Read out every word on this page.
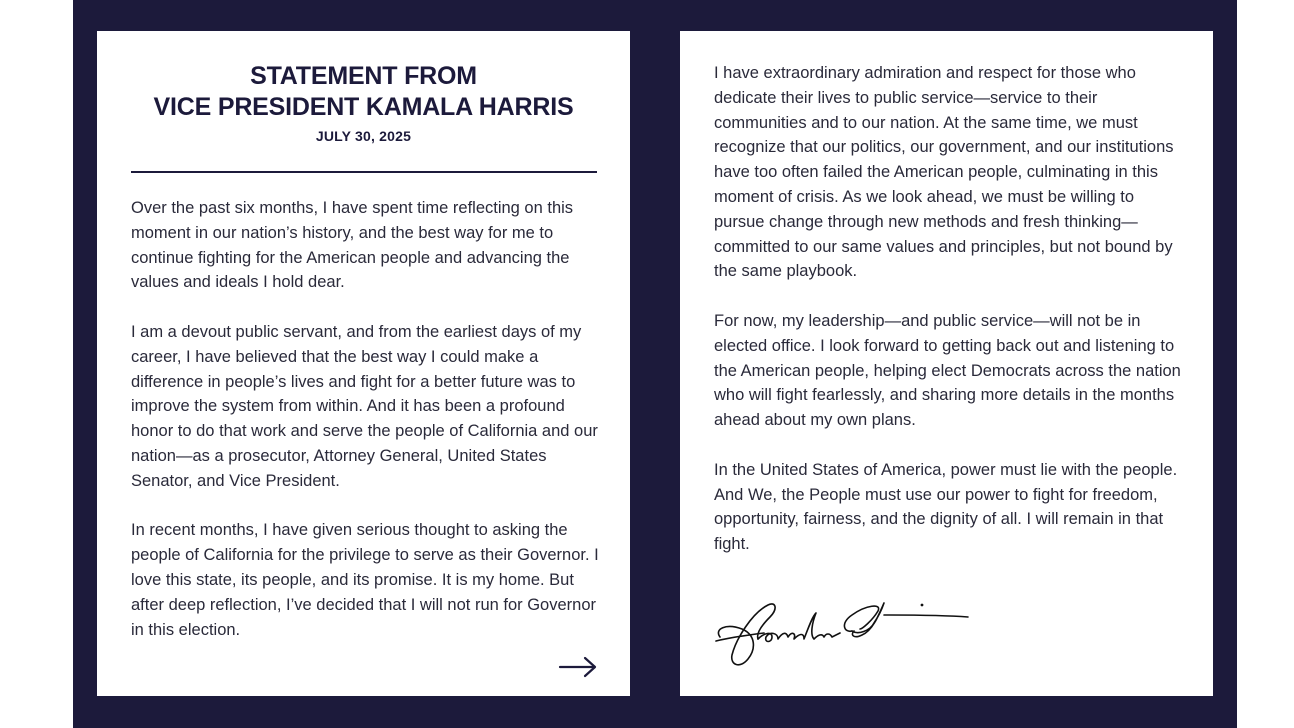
STATEMENT FROM
VICE PRESIDENT KAMALA HARRIS
JULY 30, 2025

Over the past six months, I have spent time reflecting on this moment in our nation’s history, and the best way for me to continue fighting for the American people and advancing the values and ideals I hold dear.

I am a devout public servant, and from the earliest days of my career, I have believed that the best way I could make a difference in people’s lives and fight for a better future was to improve the system from within. And it has been a profound honor to do that work and serve the people of California and our nation—as a prosecutor, Attorney General, United States Senator, and Vice President.

In recent months, I have given serious thought to asking the people of California for the privilege to serve as their Governor. I love this state, its people, and its promise. It is my home. But after deep reflection, I’ve decided that I will not run for Governor in this election.

I have extraordinary admiration and respect for those who dedicate their lives to public service—service to their communities and to our nation. At the same time, we must recognize that our politics, our government, and our institutions have too often failed the American people, culminating in this moment of crisis. As we look ahead, we must be willing to pursue change through new methods and fresh thinking—committed to our same values and principles, but not bound by the same playbook.

For now, my leadership—and public service—will not be in elected office. I look forward to getting back out and listening to the American people, helping elect Democrats across the nation who will fight fearlessly, and sharing more details in the months ahead about my own plans.

In the United States of America, power must lie with the people. And We, the People must use our power to fight for freedom, opportunity, fairness, and the dignity of all. I will remain in that fight.
